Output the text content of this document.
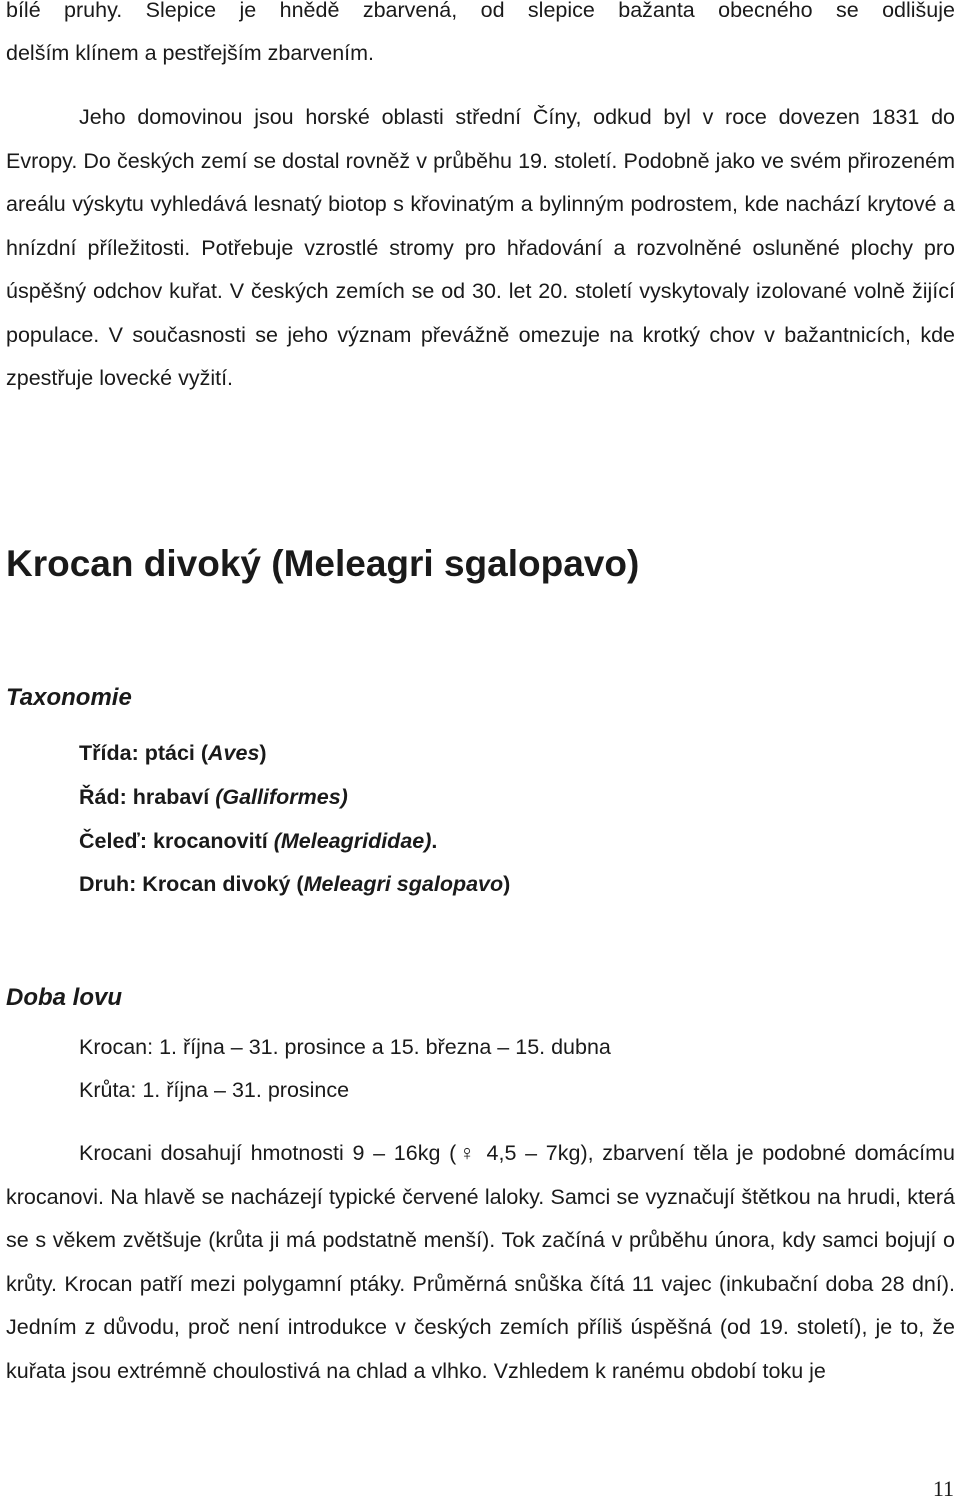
bílé pruhy. Slepice je hnědě zbarvená, od slepice bažanta obecného se odlišuje

delším klínem a pestřejším zbarvením.

Jeho domovinou jsou horské oblasti střední Číny, odkud byl v roce dovezen 1831 do Evropy. Do českých zemí se dostal rovněž v průběhu 19. století. Podobně jako ve svém přirozeném areálu výskytu vyhledává lesnatý biotop s křovinatým a bylinným podrostem, kde nachází krytové a hnízdní příležitosti. Potřebuje vzrostlé stromy pro hřadování a rozvolněné osluněné plochy pro úspěšný odchov kuřat. V českých zemích se od 30. let 20. století vyskytovaly izolované volně žijící populace. V současnosti se jeho význam převážně omezuje na krotký chov v bažantnicích, kde zpestřuje lovecké vyžití.

Krocan divoký (Meleagri sgalopavo)
Taxonomie

Třída: ptáci (Aves)

Řád: hrabaví (Galliformes)

Čeleď: krocanovití (Meleagrididae).

Druh: Krocan divoký (Meleagri sgalopavo)

Doba lovu

Krocan: 1. října – 31. prosince a 15. března – 15. dubna

Krůta: 1. října – 31. prosince

Krocani dosahují hmotnosti 9 – 16kg (♀ 4,5 – 7kg), zbarvení těla je podobné domácímu krocanovi. Na hlavě se nacházejí typické červené laloky. Samci se vyznačují štětkou na hrudi, která se s věkem zvětšuje (krůta ji má podstatně menší). Tok začíná v průběhu února, kdy samci bojují o krůty. Krocan patří mezi polygamní ptáky. Průměrná snůška čítá 11 vajec (inkubační doba 28 dní). Jedním z důvodu, proč není introdukce v českých zemích příliš úspěšná (od 19. století), je to, že kuřata jsou extrémně choulostivá na chlad a vlhko. Vzhledem k ranému období toku je

11
